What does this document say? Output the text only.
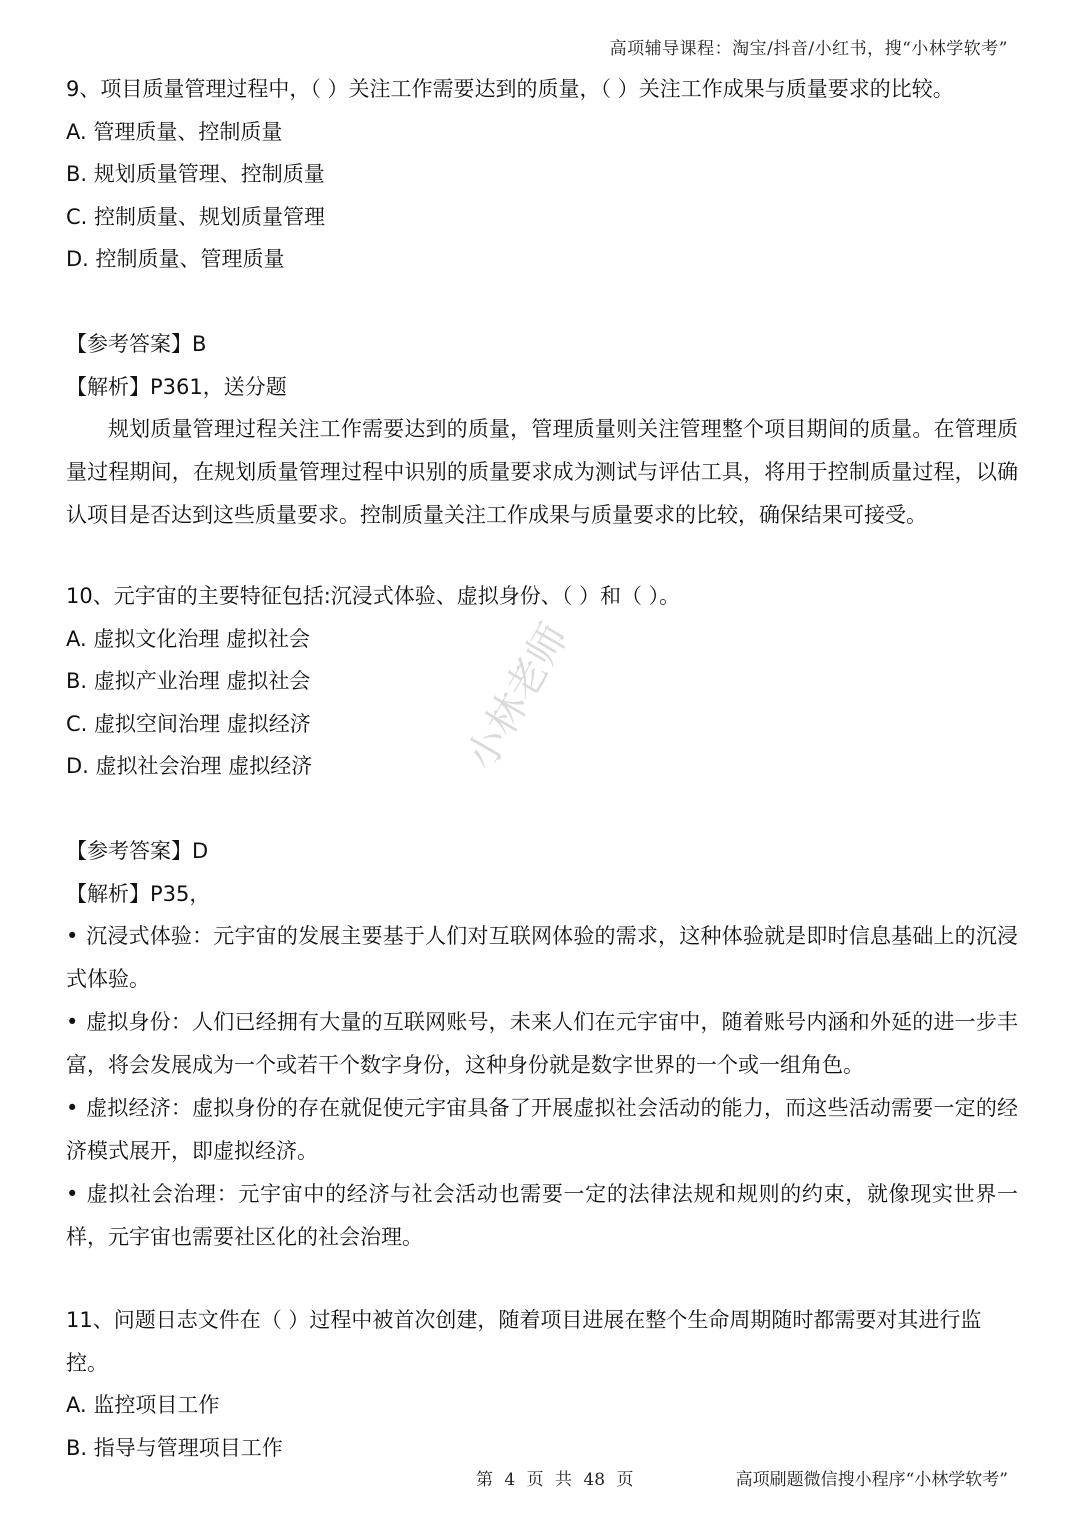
高项辅导课程：淘宝/抖音/小红书，搜“小林学软考”
9、项目质量管理过程中，（ ）关注工作需要达到的质量，（ ）关注工作成果与质量要求的比较。
A. 管理质量、控制质量
B. 规划质量管理、控制质量
C. 控制质量、规划质量管理
D. 控制质量、管理质量
【参考答案】B
【解析】P361，送分题
规划质量管理过程关注工作需要达到的质量，管理质量则关注管理整个项目期间的质量。在管理质量过程期间，在规划质量管理过程中识别的质量要求成为测试与评估工具，将用于控制质量过程，以确认项目是否达到这些质量要求。控制质量关注工作成果与质量要求的比较，确保结果可接受。
10、元宇宙的主要特征包括:沉浸式体验、虚拟身份、（ ）和（ ）。
A. 虚拟文化治理 虚拟社会
B. 虚拟产业治理 虚拟社会
C. 虚拟空间治理 虚拟经济
D. 虚拟社会治理 虚拟经济
【参考答案】D
【解析】P35，
• 沉浸式体验：元宇宙的发展主要基于人们对互联网体验的需求，这种体验就是即时信息基础上的沉浸式体验。
• 虚拟身份：人们已经拥有大量的互联网账号，未来人们在元宇宙中，随着账号内涵和外延的进一步丰富，将会发展成为一个或若干个数字身份，这种身份就是数字世界的一个或一组角色。
• 虚拟经济：虚拟身份的存在就促使元宇宙具备了开展虚拟社会活动的能力，而这些活动需要一定的经济模式展开，即虚拟经济。
• 虚拟社会治理：元宇宙中的经济与社会活动也需要一定的法律法规和规则的约束，就像现实世界一样，元宇宙也需要社区化的社会治理。
11、问题日志文件在（ ）过程中被首次创建，随着项目进展在整个生命周期随时都需要对其进行监控。
A. 监控项目工作
B. 指导与管理项目工作
小林老师
第 4 页 共 48 页	高项刷题微信搜小程序“小林学软考”
